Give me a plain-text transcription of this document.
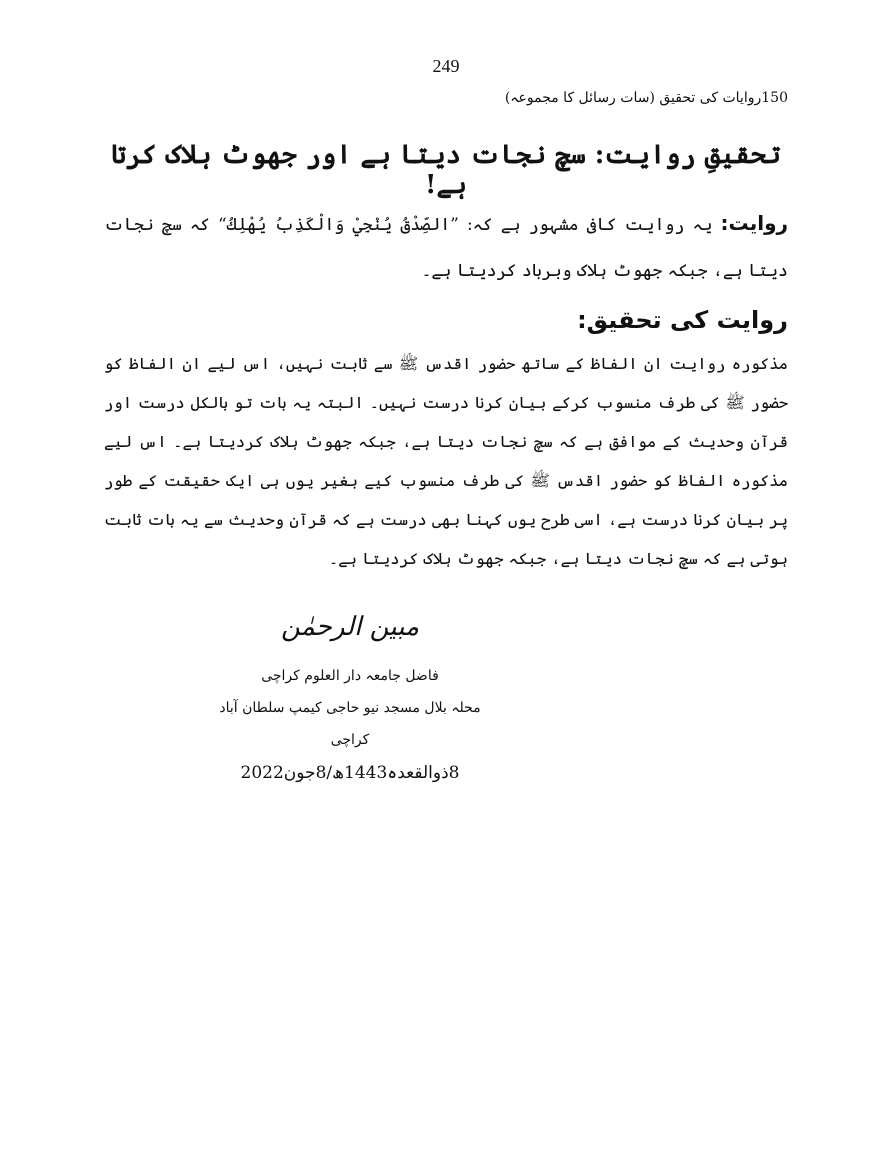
249
150روایات کی تحقیق (سات رسائل کا مجموعہ)
تحقیقِ روایت: سچ نجات دیتا ہے اور جھوٹ ہلاک کرتا ہے!
روایت: یہ روایت کافی مشہور ہے کہ: ”الصِّدْقُ يُنْجِيْ وَالْكَذِبُ يُهْلِكُ“ کہ سچ نجات دیتا ہے، جبکہ جھوٹ ہلاک وبرباد کردیتا ہے۔
روایت کی تحقیق:
مذکورہ روایت ان الفاظ کے ساتھ حضور اقدس ﷺ سے ثابت نہیں، اس لیے ان الفاظ کو حضور ﷺ کی طرف منسوب کرکے بیان کرنا درست نہیں۔ البتہ یہ بات تو بالکل درست اور قرآن وحدیث کے موافق ہے کہ سچ نجات دیتا ہے، جبکہ جھوٹ ہلاک کردیتا ہے۔ اس لیے مذکورہ الفاظ کو حضور اقدس ﷺ کی طرف منسوب کیے بغیر یوں ہی ایک حقیقت کے طور پر بیان کرنا درست ہے، اسی طرح یوں کہنا بھی درست ہے کہ قرآن وحدیث سے یہ بات ثابت ہوتی ہے کہ سچ نجات دیتا ہے، جبکہ جھوٹ ہلاک کردیتا ہے۔
مبین الرحمٰن
فاضل جامعہ دار العلوم کراچی
محلہ بلال مسجد نیو حاجی کیمپ سلطان آباد کراچی
8ذوالقعدہ1443ھ/8جون2022
